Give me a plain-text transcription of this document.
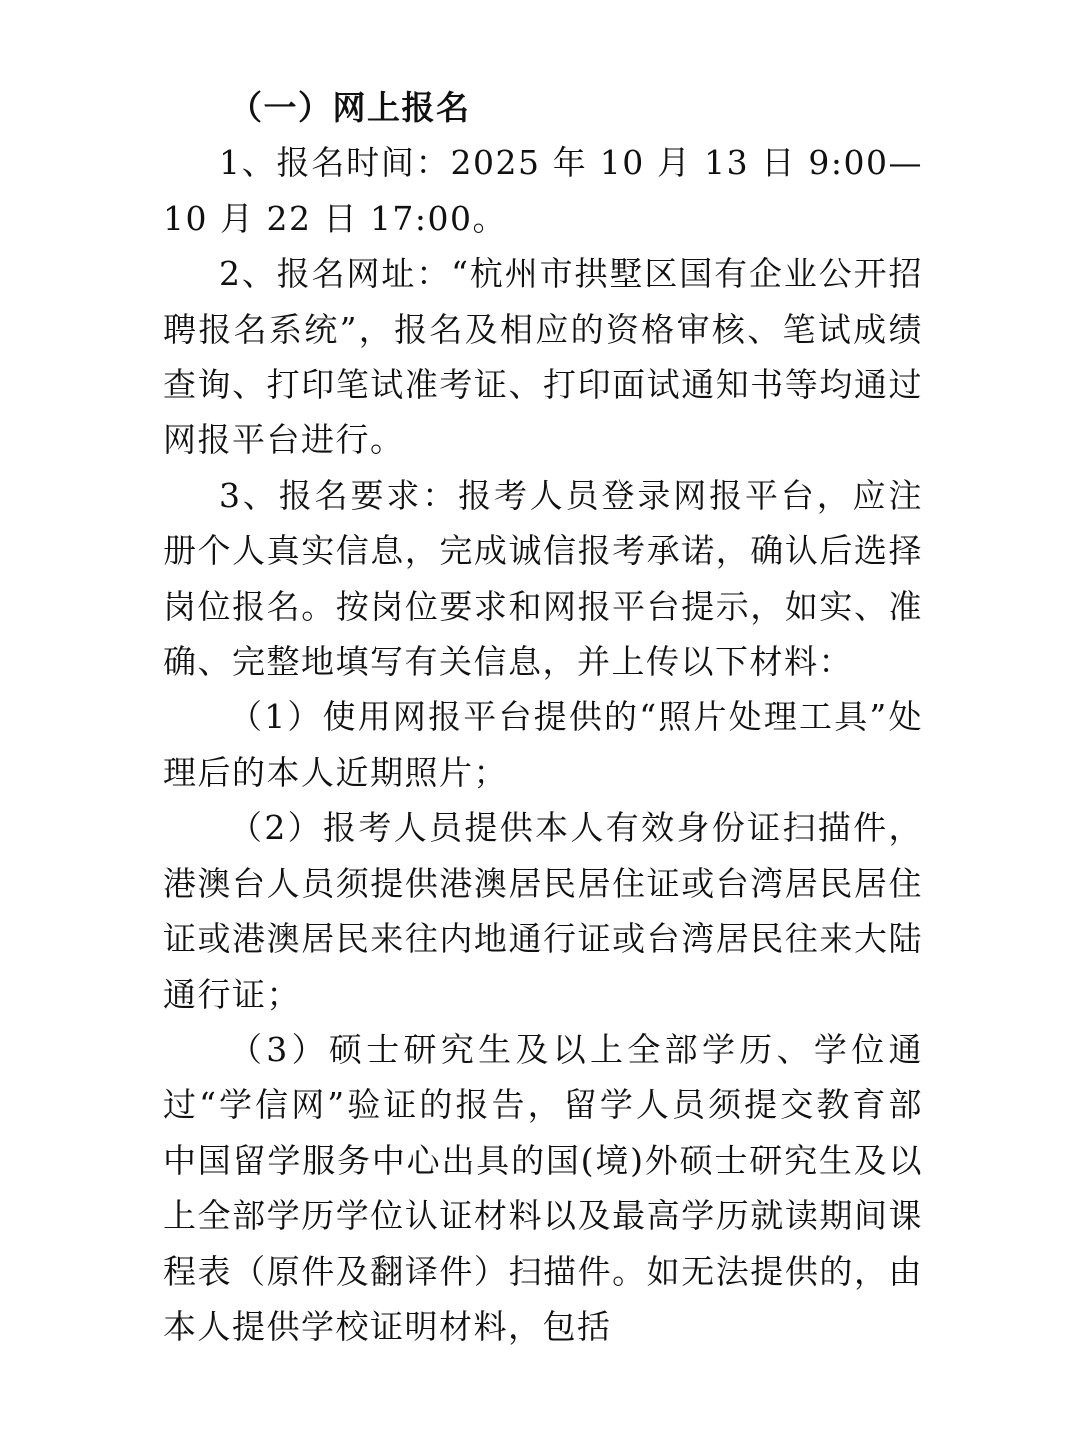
（一）网上报名

1、报名时间：2025 年 10 月 13 日 9:00—10 月 22 日 17:00。

2、报名网址：“杭州市拱墅区国有企业公开招聘报名系统”，报名及相应的资格审核、笔试成绩查询、打印笔试准考证、打印面试通知书等均通过网报平台进行。

3、报名要求：报考人员登录网报平台，应注册个人真实信息，完成诚信报考承诺，确认后选择岗位报名。按岗位要求和网报平台提示，如实、准确、完整地填写有关信息，并上传以下材料：

（1）使用网报平台提供的“照片处理工具”处理后的本人近期照片；

（2）报考人员提供本人有效身份证扫描件，港澳台人员须提供港澳居民居住证或台湾居民居住证或港澳居民来往内地通行证或台湾居民往来大陆通行证；

（3）硕士研究生及以上全部学历、学位通过“学信网”验证的报告，留学人员须提交教育部中国留学服务中心出具的国(境)外硕士研究生及以上全部学历学位认证材料以及最高学历就读期间课程表（原件及翻译件）扫描件。如无法提供的，由本人提供学校证明材料，包括
